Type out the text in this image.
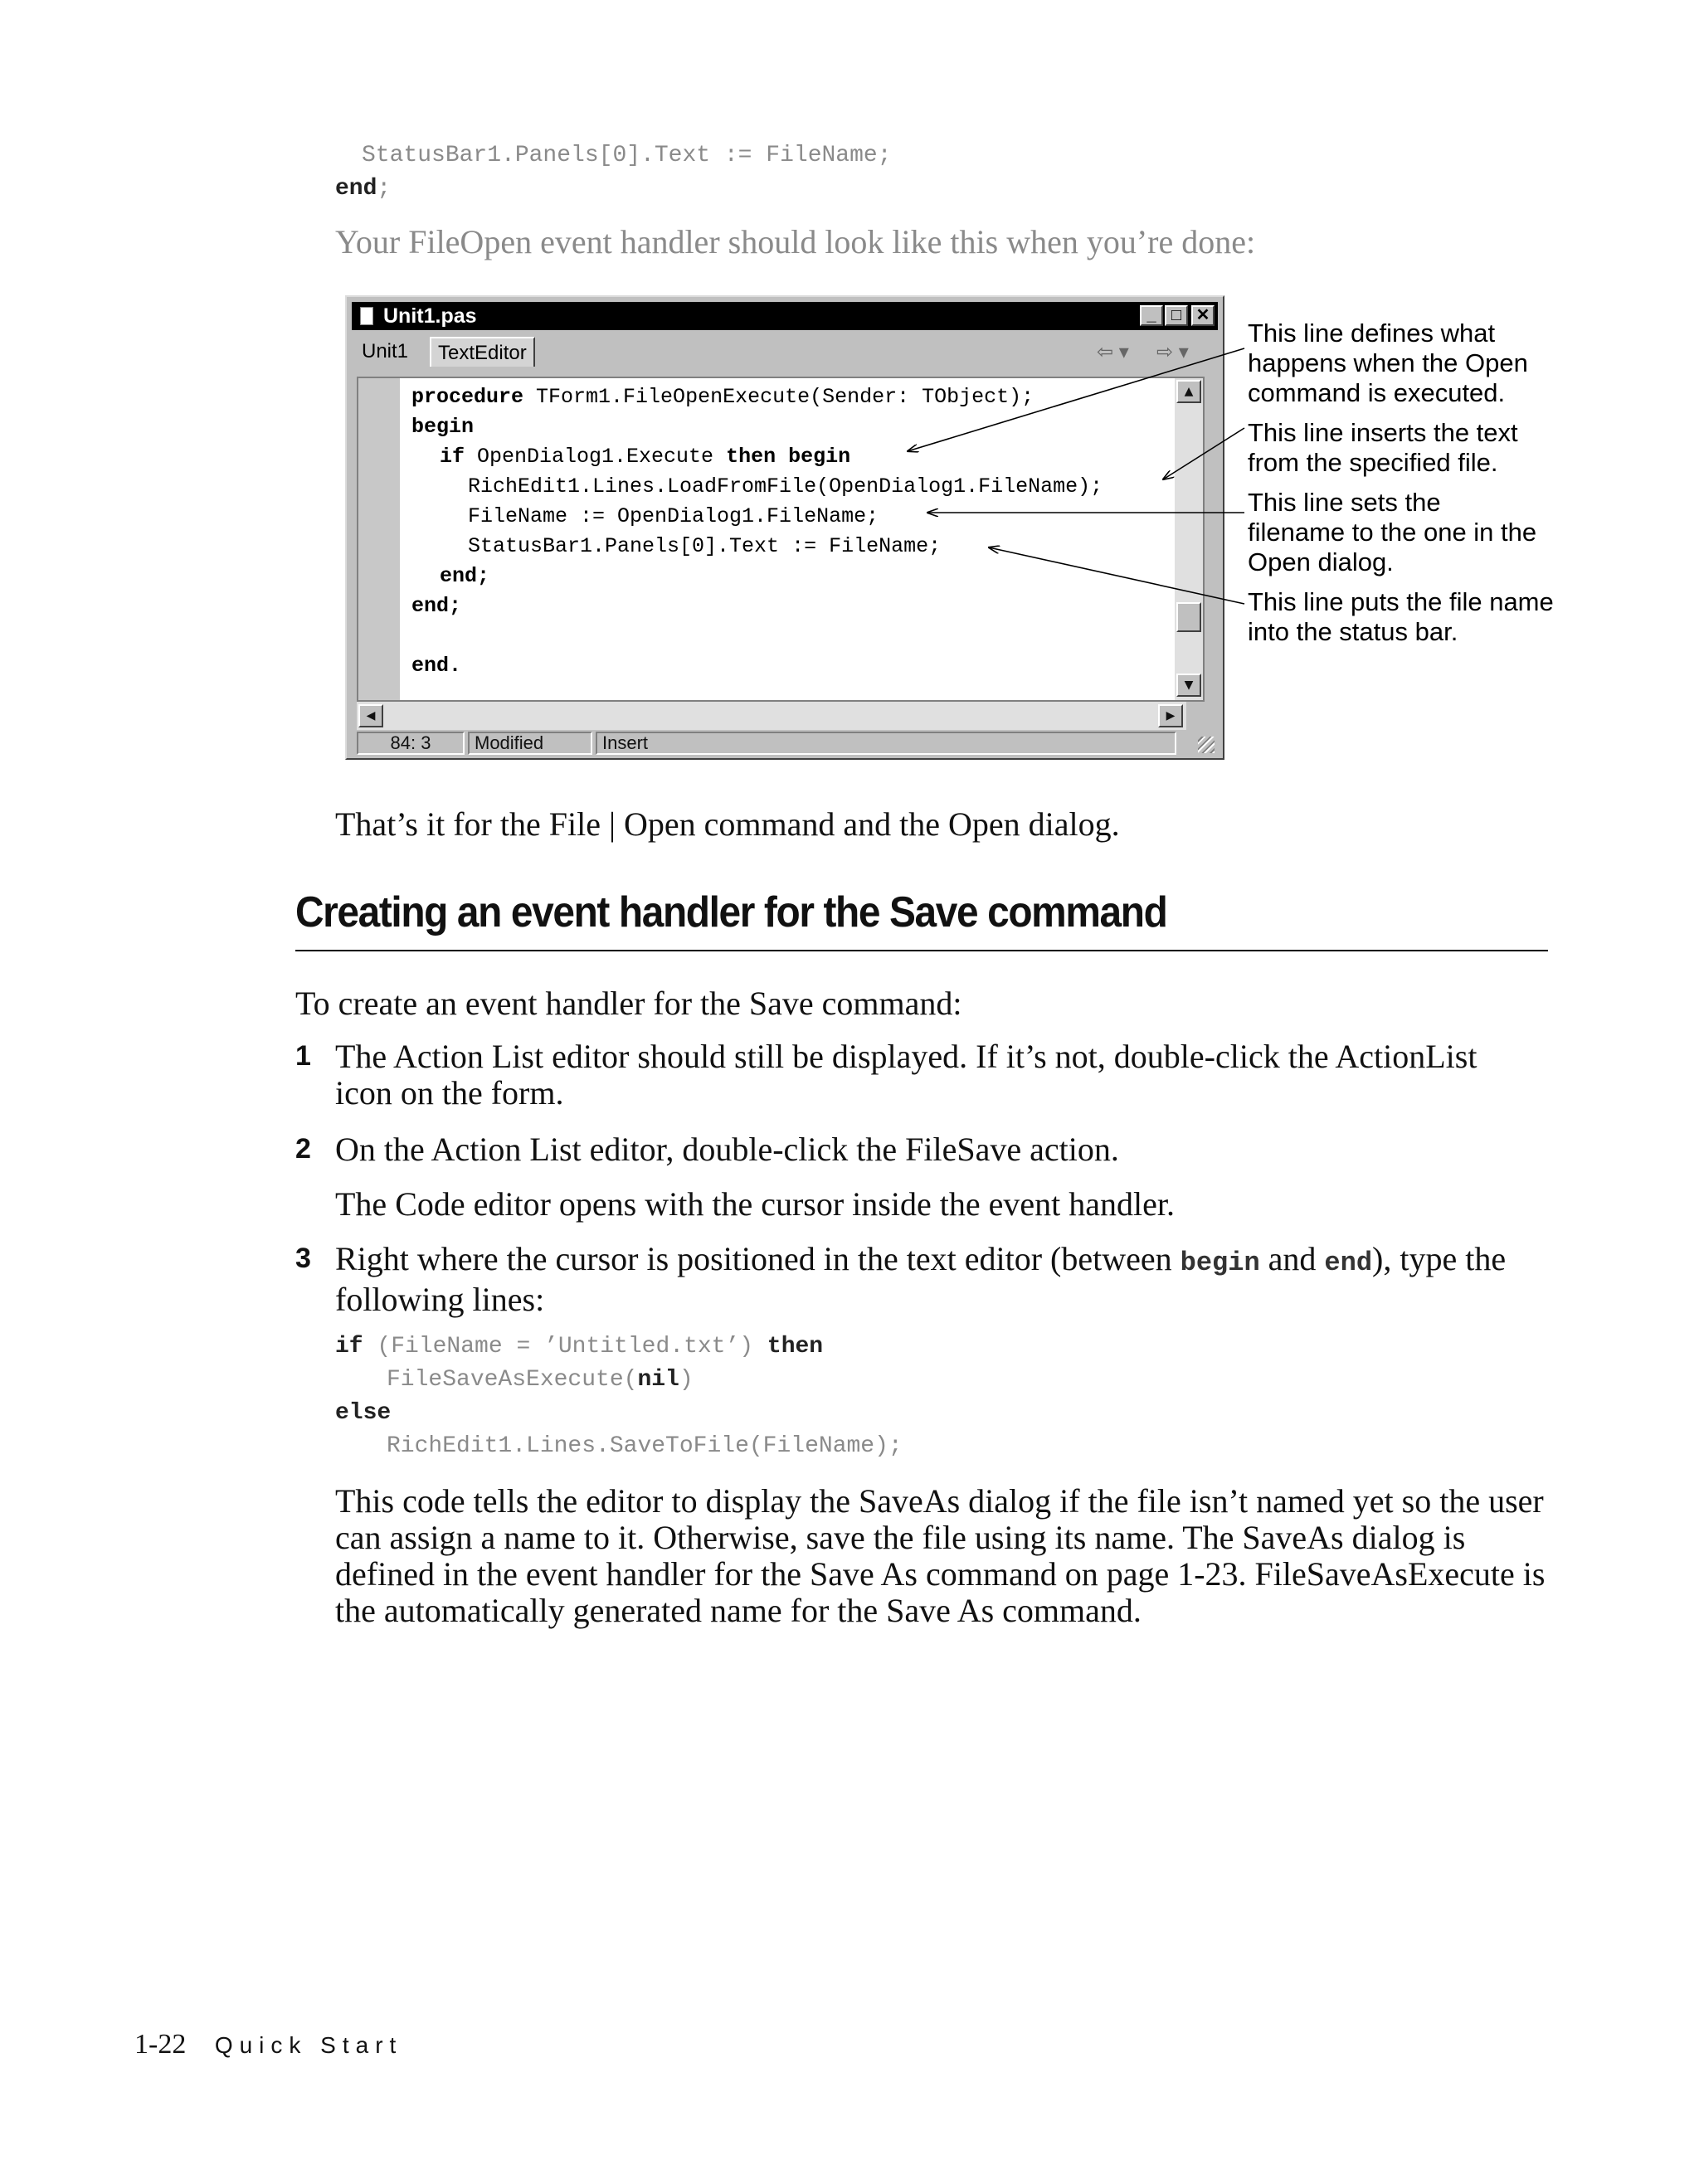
StatusBar1.Panels[0].Text := FileName;
end;
Your FileOpen event handler should look like this when you’re done:
Unit1.pas	_ □ ✕
Unit1	TextEditor	⇦ ▾ ⇨ ▾
procedure TForm1.FileOpenExecute(Sender: TObject);
begin
if OpenDialog1.Execute then begin
RichEdit1.Lines.LoadFromFile(OpenDialog1.FileName);
FileName := OpenDialog1.FileName;
StatusBar1.Panels[0].Text := FileName;
end;
end;
end.
▲
▼
◀	▶
84: 3	Modified	Insert
This line defines what happens when the Open command is executed.
This line inserts the text from the specified file.
This line sets the filename to the one in the Open dialog.
This line puts the file name into the status bar.
That’s it for the File | Open command and the Open dialog.
Creating an event handler for the Save command
To create an event handler for the Save command:
1 The Action List editor should still be displayed. If it’s not, double-click the ActionList icon on the form.
2 On the Action List editor, double-click the FileSave action.
The Code editor opens with the cursor inside the event handler.
3 Right where the cursor is positioned in the text editor (between begin and end), type the following lines:
if (FileName = ’Untitled.txt’) then
FileSaveAsExecute(nil)
else
RichEdit1.Lines.SaveToFile(FileName);
This code tells the editor to display the SaveAs dialog if the file isn’t named yet so the user can assign a name to it. Otherwise, save the file using its name. The SaveAs dialog is defined in the event handler for the Save As command on page 1-23. FileSaveAsExecute is the automatically generated name for the Save As command.
1-22 Quick Start
